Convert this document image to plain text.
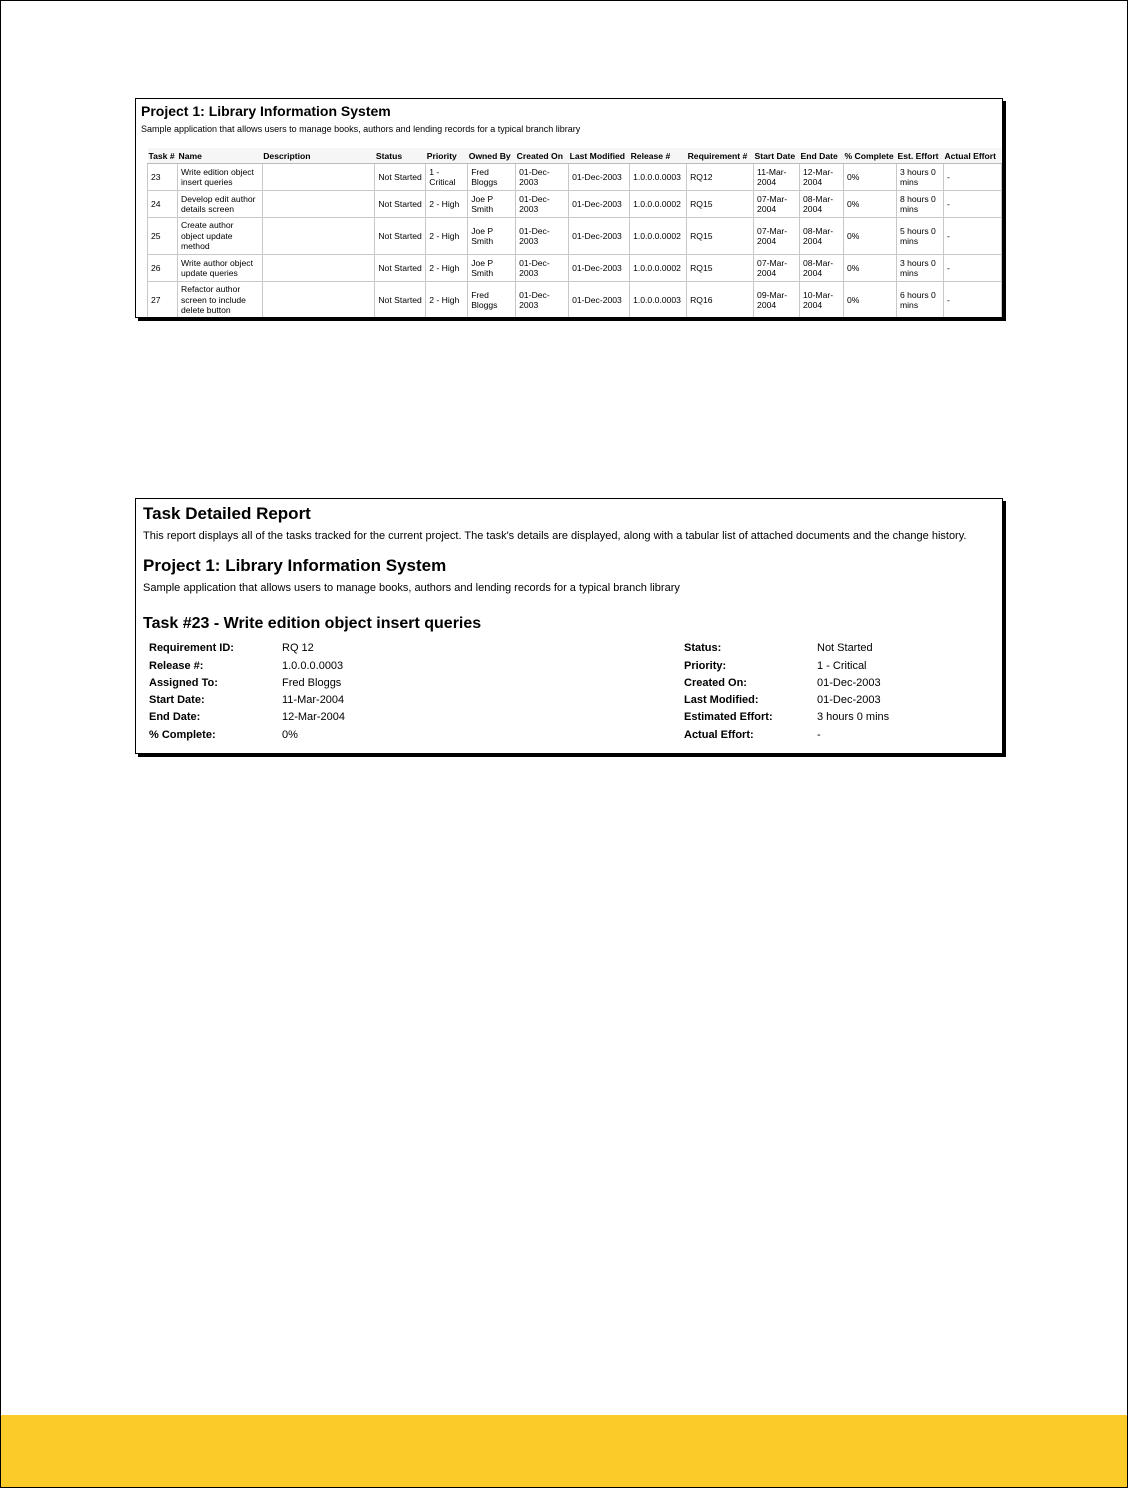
Project 1: Library Information System
Sample application that allows users to manage books, authors and lending records for a typical branch library
Task #	Name	Description	Status	Priority	Owned By	Created On	Last Modified	Release #	Requirement #	Start Date	End Date	% Complete	Est. Effort	Actual Effort
23	Write edition object insert queries		Not Started	1 - Critical	Fred Bloggs	01-Dec-2003	01-Dec-2003	1.0.0.0.0003	RQ12	11-Mar-2004	12-Mar-2004	0%	3 hours 0 mins	-
24	Develop edit author details screen		Not Started	2 - High	Joe P Smith	01-Dec-2003	01-Dec-2003	1.0.0.0.0002	RQ15	07-Mar-2004	08-Mar-2004	0%	8 hours 0 mins	-
25	Create author object update method		Not Started	2 - High	Joe P Smith	01-Dec-2003	01-Dec-2003	1.0.0.0.0002	RQ15	07-Mar-2004	08-Mar-2004	0%	5 hours 0 mins	-
26	Write author object update queries		Not Started	2 - High	Joe P Smith	01-Dec-2003	01-Dec-2003	1.0.0.0.0002	RQ15	07-Mar-2004	08-Mar-2004	0%	3 hours 0 mins	-
27	Refactor author screen to include delete button		Not Started	2 - High	Fred Bloggs	01-Dec-2003	01-Dec-2003	1.0.0.0.0003	RQ16	09-Mar-2004	10-Mar-2004	0%	6 hours 0 mins	-
Task Detailed Report
This report displays all of the tasks tracked for the current project. The task's details are displayed, along with a tabular list of attached documents and the change history.
Project 1: Library Information System
Sample application that allows users to manage books, authors and lending records for a typical branch library
Task #23 - Write edition object insert queries
Requirement ID:	RQ 12
Release #:	1.0.0.0.0003
Assigned To:	Fred Bloggs
Start Date:	11-Mar-2004
End Date:	12-Mar-2004
% Complete:	0%
Status:	Not Started
Priority:	1 - Critical
Created On:	01-Dec-2003
Last Modified:	01-Dec-2003
Estimated Effort:	3 hours 0 mins
Actual Effort:	-
